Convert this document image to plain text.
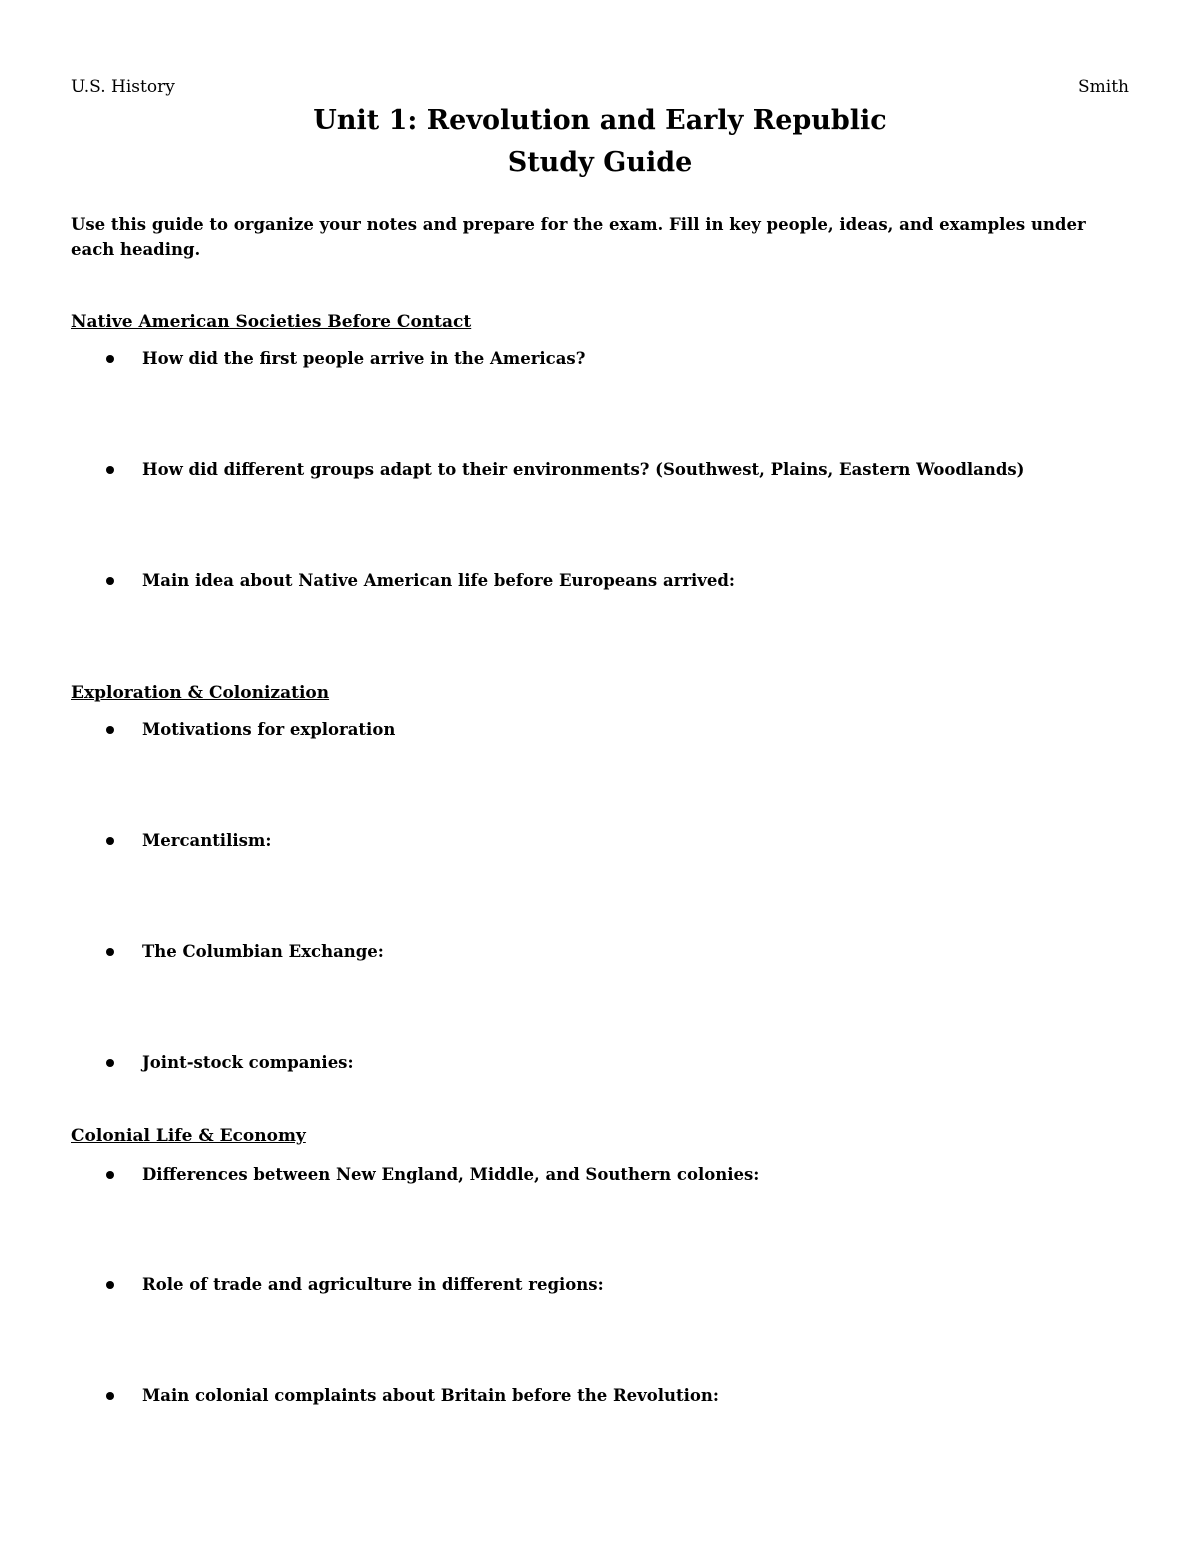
U.S. History	Smith
Unit 1: Revolution and Early Republic
Study Guide
Use this guide to organize your notes and prepare for the exam. Fill in key people, ideas, and examples under each heading.
Native American Societies Before Contact
How did the first people arrive in the Americas?
How did different groups adapt to their environments? (Southwest, Plains, Eastern Woodlands)
Main idea about Native American life before Europeans arrived:
Exploration & Colonization
Motivations for exploration
Mercantilism:
The Columbian Exchange:
Joint-stock companies:
Colonial Life & Economy
Differences between New England, Middle, and Southern colonies:
Role of trade and agriculture in different regions:
Main colonial complaints about Britain before the Revolution:
